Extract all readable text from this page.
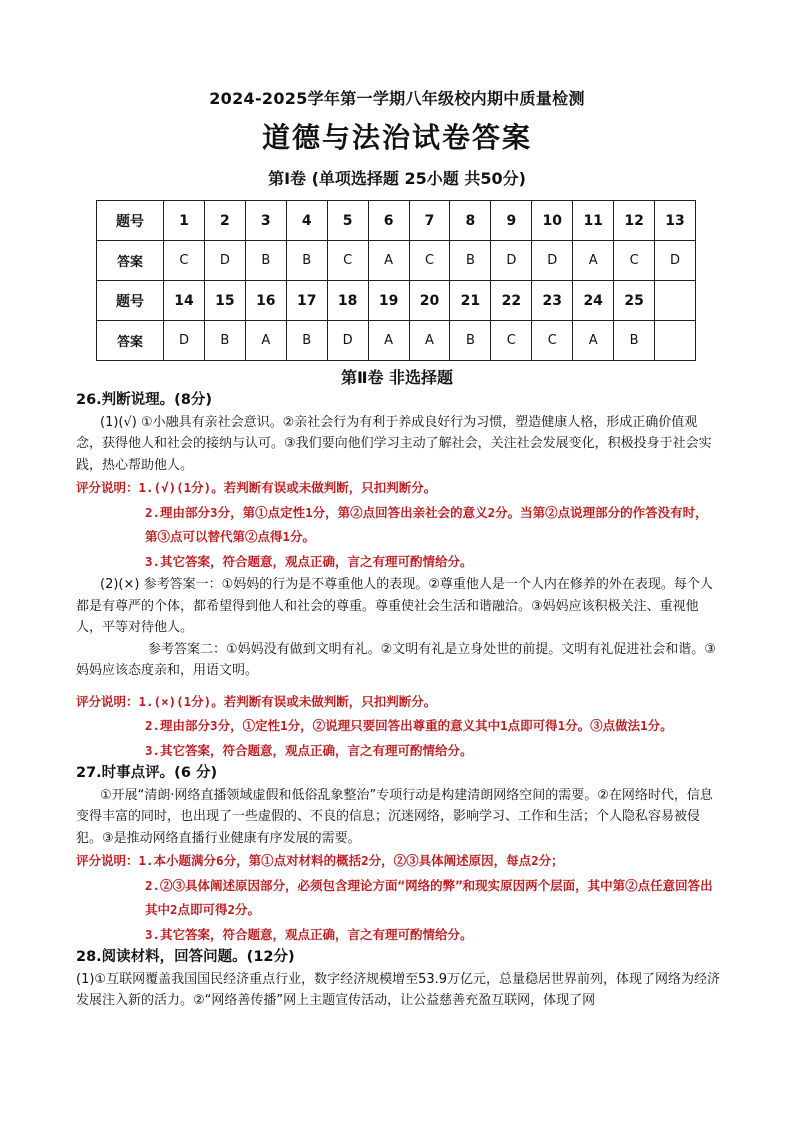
2024-2025学年第一学期八年级校内期中质量检测
道德与法治试卷答案
第Ⅰ卷 (单项选择题 25小题 共50分)
题号	1	2	3	4	5	6	7	8	9	10	11	12	13
答案	C	D	B	B	C	A	C	B	D	D	A	C	D
题号	14	15	16	17	18	19	20	21	22	23	24	25	
答案	D	B	A	B	D	A	A	B	C	C	A	B	
第Ⅱ卷 非选择题

26.判断说理。(8分)

(1)(√) ①小融具有亲社会意识。②亲社会行为有利于养成良好行为习惯，塑造健康人格，形成正确价值观念，获得他人和社会的接纳与认可。③我们要向他们学习主动了解社会，关注社会发展变化，积极投身于社会实践，热心帮助他人。

评分说明：1.(√)(1分)。若判断有误或未做判断，只扣判断分。

2.理由部分3分，第①点定性1分，第②点回答出亲社会的意义2分。当第②点说理部分的作答没有时，第③点可以替代第②点得1分。

3.其它答案，符合题意，观点正确，言之有理可酌情给分。

(2)(×) 参考答案一：①妈妈的行为是不尊重他人的表现。②尊重他人是一个人内在修养的外在表现。每个人都是有尊严的个体，都希望得到他人和社会的尊重。尊重使社会生活和谐融洽。③妈妈应该积极关注、重视他人，平等对待他人。

参考答案二：①妈妈没有做到文明有礼。②文明有礼是立身处世的前提。文明有礼促进社会和谐。③妈妈应该态度亲和，用语文明。

评分说明：1.(×)(1分)。若判断有误或未做判断，只扣判断分。

2.理由部分3分，①定性1分，②说理只要回答出尊重的意义其中1点即可得1分。③点做法1分。

3.其它答案，符合题意，观点正确，言之有理可酌情给分。

27.时事点评。(6 分)

①开展“清朗·网络直播领域虚假和低俗乱象整治”专项行动是构建清朗网络空间的需要。②在网络时代，信息变得丰富的同时，也出现了一些虚假的、不良的信息；沉迷网络，影响学习、工作和生活；个人隐私容易被侵犯。③是推动网络直播行业健康有序发展的需要。

评分说明：1.本小题满分6分，第①点对材料的概括2分，②③具体阐述原因，每点2分；

2.②③具体阐述原因部分，必须包含理论方面“网络的弊”和现实原因两个层面，其中第②点任意回答出其中2点即可得2分。

3.其它答案，符合题意，观点正确，言之有理可酌情给分。

28.阅读材料，回答问题。(12分)

(1)①互联网覆盖我国国民经济重点行业，数字经济规模增至53.9万亿元，总量稳居世界前列，体现了网络为经济发展注入新的活力。②“网络善传播”网上主题宣传活动，让公益慈善充盈互联网，体现了网
